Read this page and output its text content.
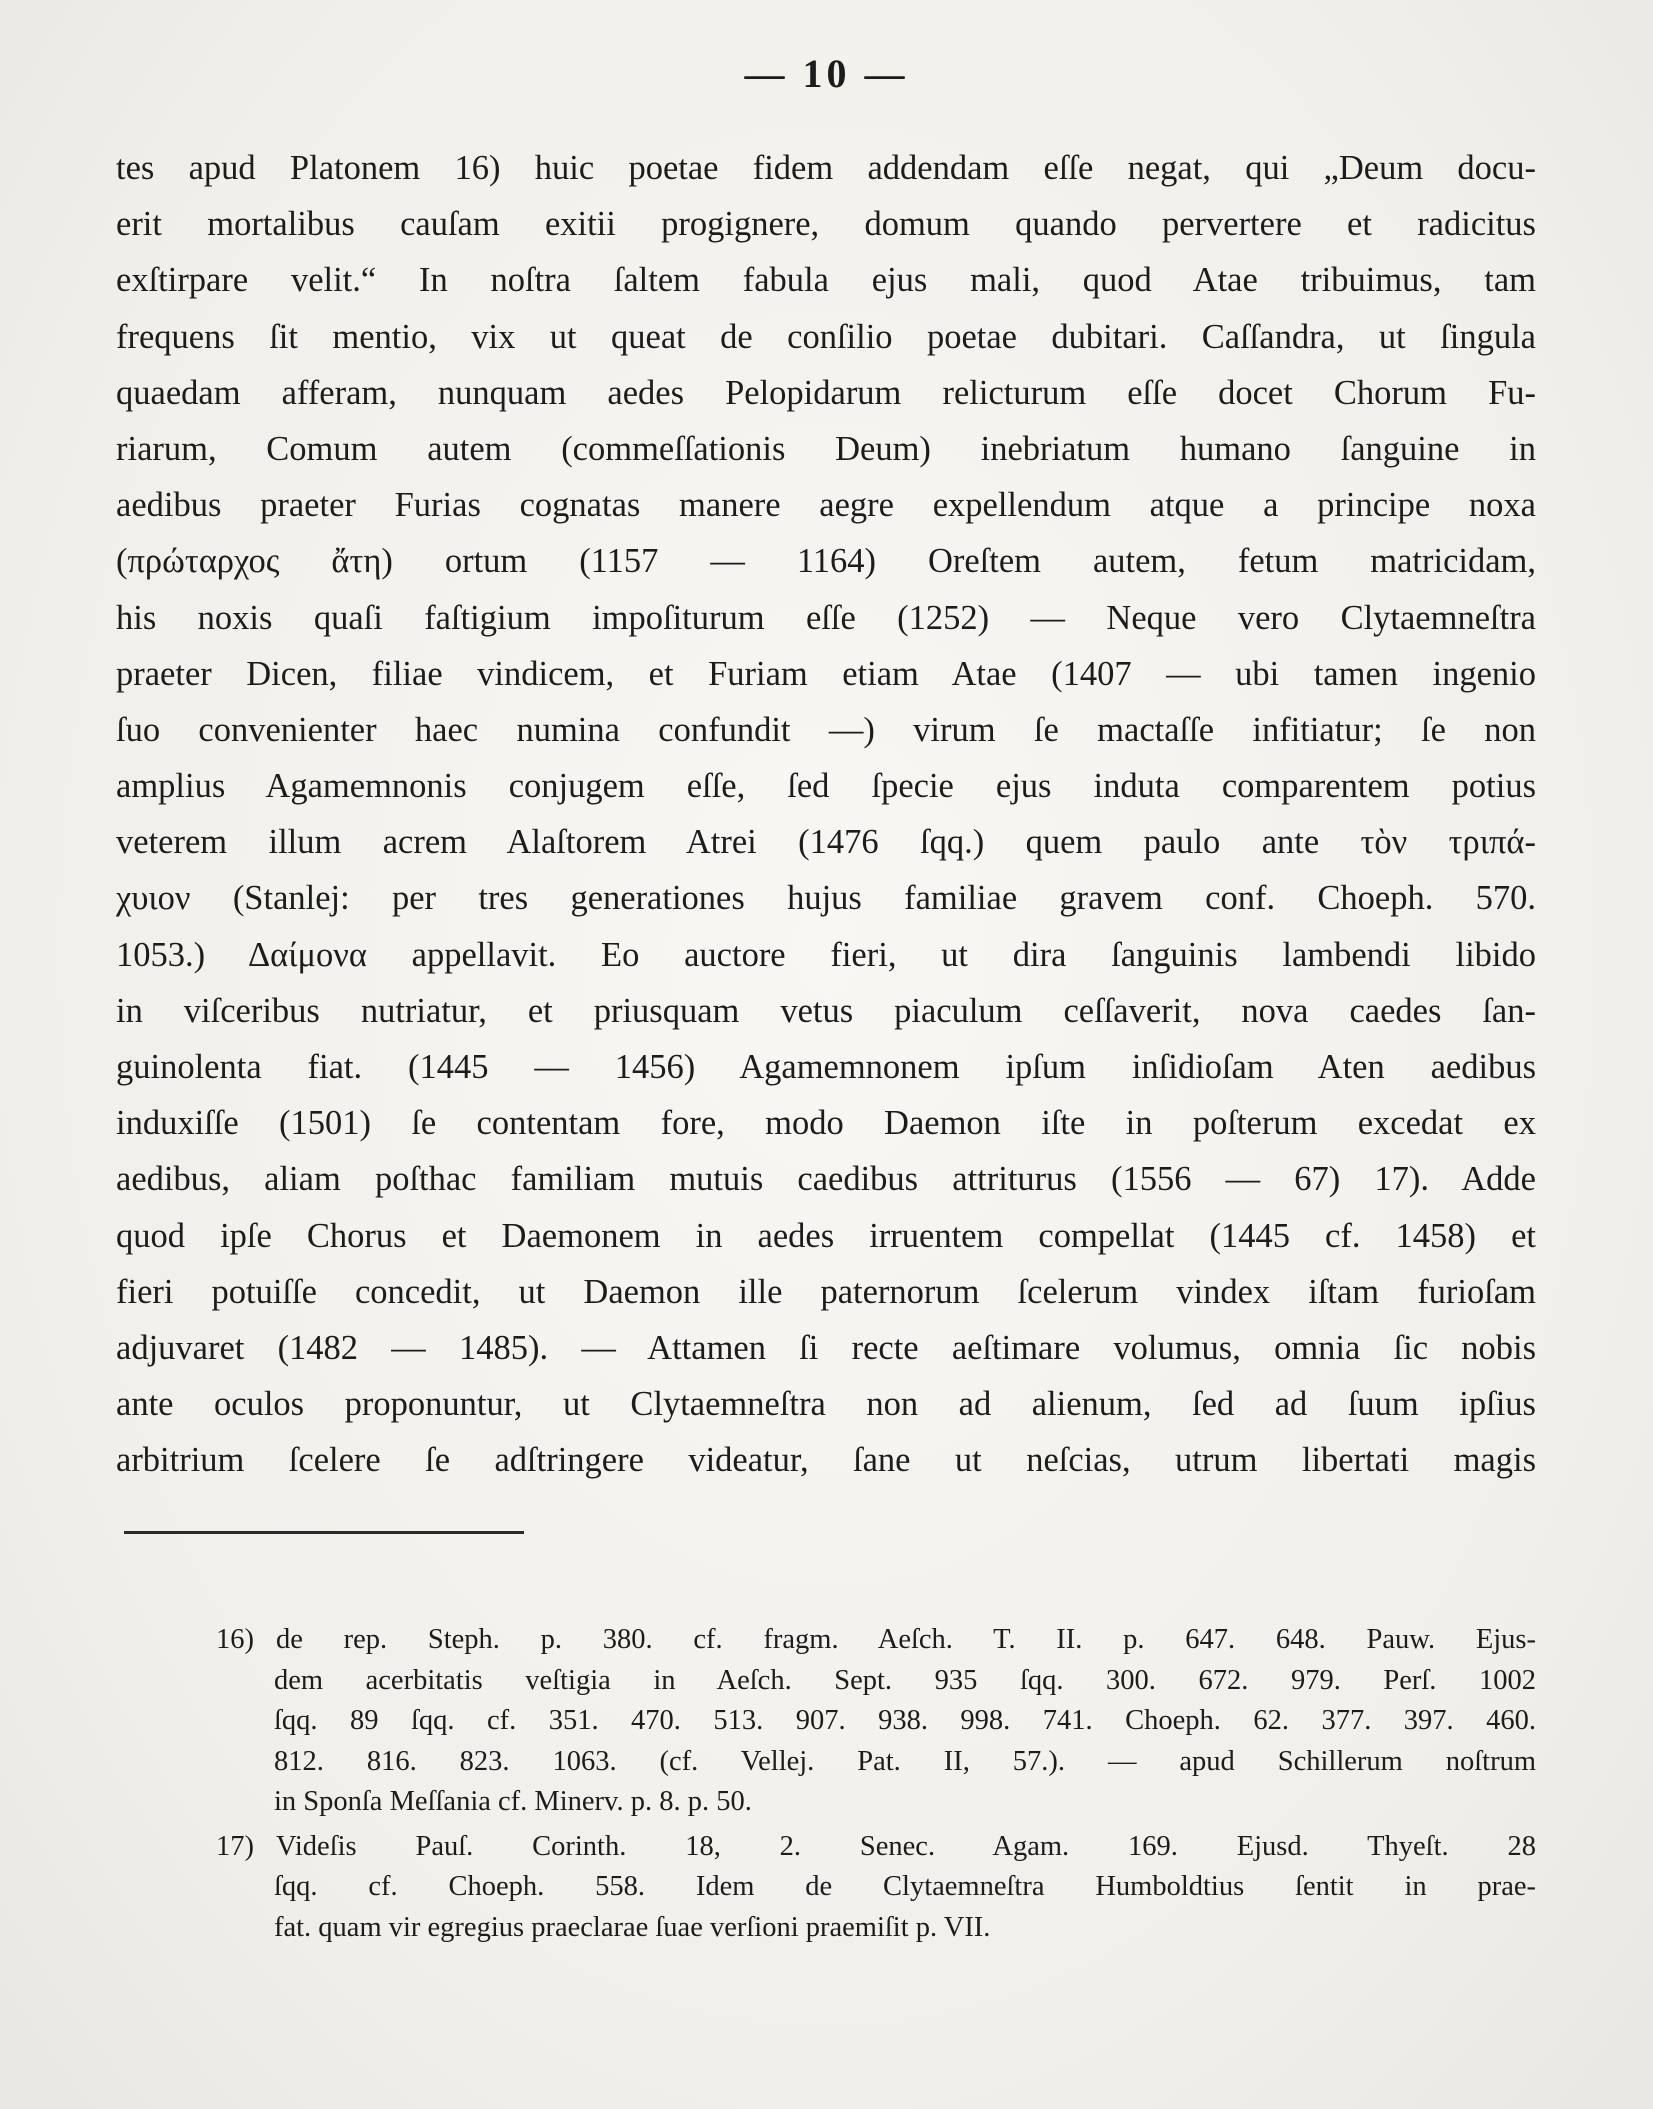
— 10 —
tes apud Platonem 16) huic poetae fidem addendam eſſe negat, qui „Deum docu-
erit mortalibus cauſam exitii progignere, domum quando pervertere et radicitus
exſtirpare velit.“ In noſtra ſaltem fabula ejus mali, quod Atae tribuimus, tam
frequens ſit mentio, vix ut queat de conſilio poetae dubitari. Caſſandra, ut ſingula
quaedam afferam, nunquam aedes Pelopidarum relicturum eſſe docet Chorum Fu-
riarum, Comum autem (commeſſationis Deum) inebriatum humano ſanguine in
aedibus praeter Furias cognatas manere aegre expellendum atque a principe noxa
(πρώταρχος ἄτη) ortum (1157 — 1164) Oreſtem autem, fetum matricidam,
his noxis quaſi faſtigium impoſiturum eſſe (1252) — Neque vero Clytaemneſtra
praeter Dicen, filiae vindicem, et Furiam etiam Atae (1407 — ubi tamen ingenio
ſuo convenienter haec numina confundit —) virum ſe mactaſſe infitiatur; ſe non
amplius Agamemnonis conjugem eſſe, ſed ſpecie ejus induta comparentem potius
veterem illum acrem Alaſtorem Atrei (1476 ſqq.) quem paulo ante τὸν τριπά-
χυιον (Stanlej: per tres generationes hujus familiae gravem conf. Choeph. 570.
1053.) Δαίμονα appellavit. Eo auctore fieri, ut dira ſanguinis lambendi libido
in viſceribus nutriatur, et priusquam vetus piaculum ceſſaverit, nova caedes ſan-
guinolenta fiat. (1445 — 1456) Agamemnonem ipſum inſidioſam Aten aedibus
induxiſſe (1501) ſe contentam fore, modo Daemon iſte in poſterum excedat ex
aedibus, aliam poſthac familiam mutuis caedibus attriturus (1556 — 67) 17). Adde
quod ipſe Chorus et Daemonem in aedes irruentem compellat (1445 cf. 1458) et
fieri potuiſſe concedit, ut Daemon ille paternorum ſcelerum vindex iſtam furioſam
adjuvaret (1482 — 1485). — Attamen ſi recte aeſtimare volumus, omnia ſic nobis
ante oculos proponuntur, ut Clytaemneſtra non ad alienum, ſed ad ſuum ipſius
arbitrium ſcelere ſe adſtringere videatur, ſane ut neſcias, utrum libertati magis
16) de rep. Steph. p. 380. cf. fragm. Aeſch. T. II. p. 647. 648. Pauw. Ejus-
dem acerbitatis veſtigia in Aeſch. Sept. 935 ſqq. 300. 672. 979. Perſ. 1002
ſqq. 89 ſqq. cf. 351. 470. 513. 907. 938. 998. 741. Choeph. 62. 377. 397. 460.
812. 816. 823. 1063. (cf. Vellej. Pat. II, 57.). — apud Schillerum noſtrum
in Sponſa Meſſania cf. Minerv. p. 8. p. 50.
17) Videſis Pauſ. Corinth. 18, 2. Senec. Agam. 169. Ejusd. Thyeſt. 28
ſqq. cf. Choeph. 558. Idem de Clytaemneſtra Humboldtius ſentit in prae-
fat. quam vir egregius praeclarae ſuae verſioni praemiſit p. VII.
